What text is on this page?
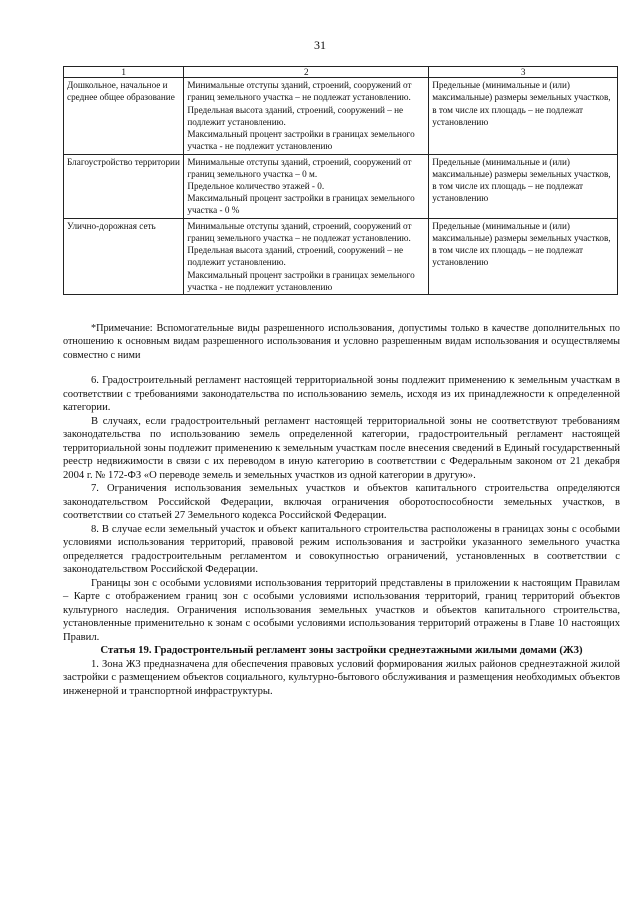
31
1	2	3
Дошкольное, начальное и среднее общее образование	Минимальные отступы зданий, строений, сооружений от границ земельного участка – не подлежат установлению.
Предельная высота зданий, строений, сооружений – не подлежит установлению.
Максимальный процент застройки в границах земельного участка - не подлежит установлению	Предельные (минимальные и (или) максимальные) размеры земельных участков, в том числе их площадь – не подлежат установлению
Благоустройство территории	Минимальные отступы зданий, строений, сооружений от границ земельного участка – 0 м.
Предельное количество этажей - 0.
Максимальный процент застройки в границах земельного участка - 0 %	Предельные (минимальные и (или) максимальные) размеры земельных участков, в том числе их площадь – не подлежат установлению
Улично-дорожная сеть	Минимальные отступы зданий, строений, сооружений от границ земельного участка – не подлежат установлению.
Предельная высота зданий, строений, сооружений – не подлежит установлению.
Максимальный процент застройки в границах земельного участка - не подлежит установлению	Предельные (минимальные и (или) максимальные) размеры земельных участков, в том числе их площадь – не подлежат установлению

*Примечание: Вспомогательные виды разрешенного использования, допустимы только в качестве дополнительных по отношению к основным видам разрешенного использования и условно разрешенным видам использования и осуществляемы совместно с ними

6. Градостроительный регламент настоящей территориальной зоны подлежит применению к земельным участкам в соответствии с требованиями законодательства по использованию земель, исходя из их принадлежности к определенной категории.

В случаях, если градостроительный регламент настоящей территориальной зоны не соответствуют требованиям законодательства по использованию земель определенной категории, градостроительный регламент настоящей территориальной зоны подлежит применению к земельным участкам после внесения сведений в Единый государственный реестр недвижимости в связи с их переводом в иную категорию в соответствии с Федеральным законом от 21 декабря 2004 г. № 172-ФЗ «О переводе земель и земельных участков из одной категории в другую».

7. Ограничения использования земельных участков и объектов капитального строительства определяются законодательством Российской Федерации, включая ограничения оборотоспособности земельных участков, в соответствии со статьей 27 Земельного кодекса Российской Федерации.

8. В случае если земельный участок и объект капитального строительства расположены в границах зоны с особыми условиями использования территорий, правовой режим использования и застройки указанного земельного участка определяется градостроительным регламентом и совокупностью ограничений, установленных в соответствии с законодательством Российской Федерации.

Границы зон с особыми условиями использования территорий представлены в приложении к настоящим Правилам – Карте с отображением границ зон с особыми условиями использования территорий, границ территорий объектов культурного наследия. Ограничения использования земельных участков и объектов капитального строительства, установленные применительно к зонам с особыми условиями использования территорий отражены в Главе 10 настоящих Правил.

Статья 19. Градостронтельный регламент зоны застройки среднеэтажными жилыми домами (Ж3)

1. Зона Ж3 предназначена для обеспечения правовых условий формирования жилых районов среднеэтажной жилой застройки с размещением объектов социального, культурно-бытового обслуживания и размещения необходимых объектов инженерной и транспортной инфраструктуры.
